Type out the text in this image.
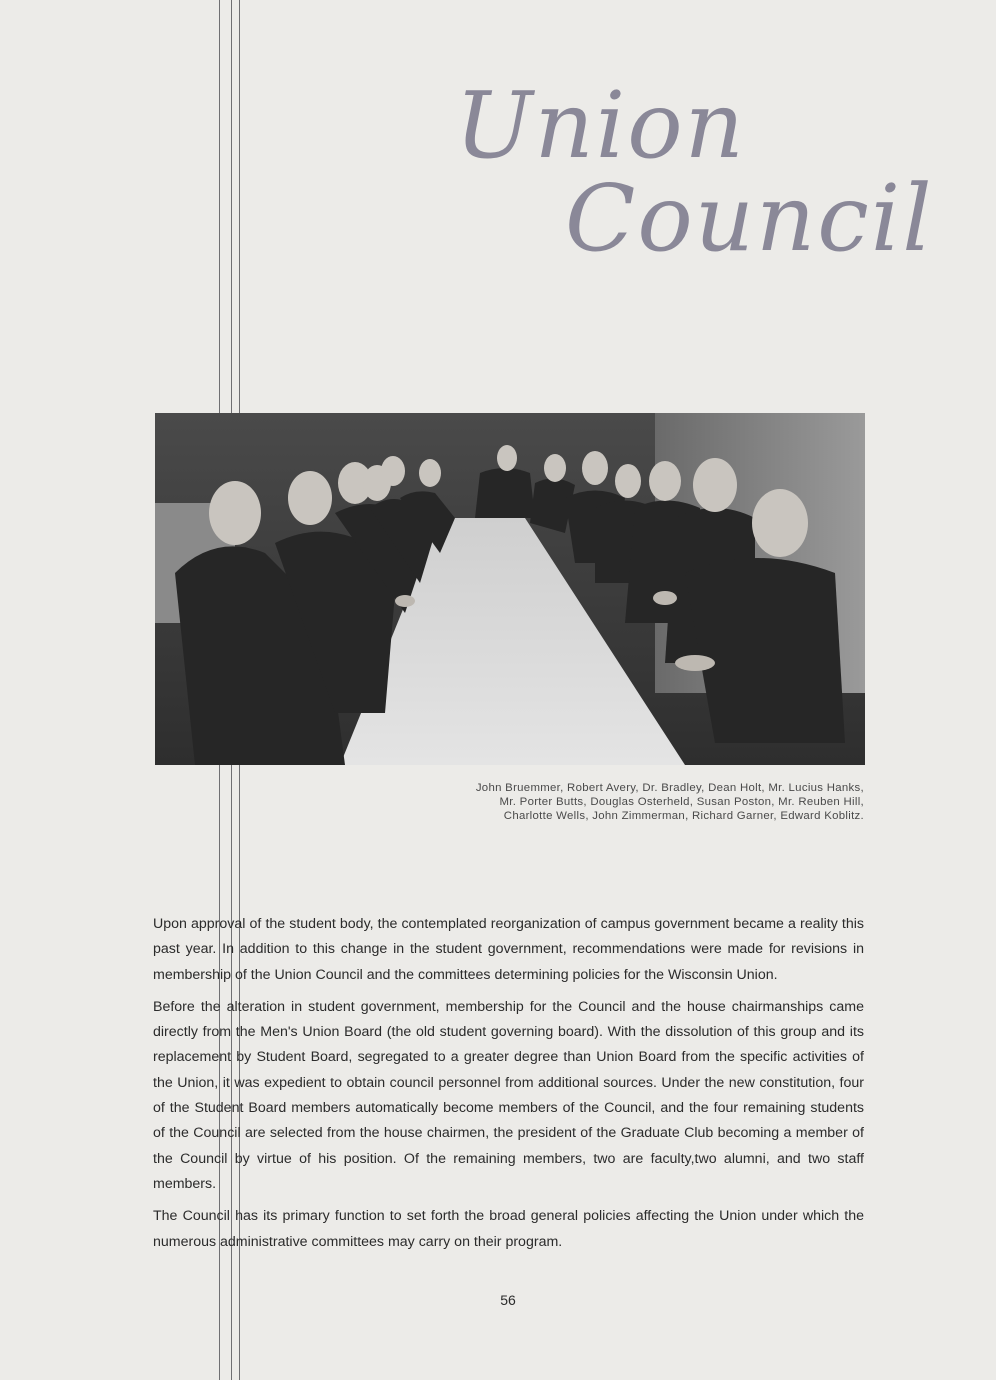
Union
Council
John Bruemmer, Robert Avery, Dr. Bradley, Dean Holt, Mr. Lucius Hanks,
Mr. Porter Butts, Douglas Osterheld, Susan Poston, Mr. Reuben Hill,
Charlotte Wells, John Zimmerman, Richard Garner, Edward Koblitz.

Upon approval of the student body, the contemplated reorganization of campus government became a reality this past year. In addition to this change in the student government, recommendations were made for revisions in membership of the Union Council and the committees determining policies for the Wisconsin Union.

Before the alteration in student government, membership for the Council and the house chairmanships came directly from the Men's Union Board (the old student governing board). With the dissolution of this group and its replacement by Student Board, segregated to a greater degree than Union Board from the specific activities of the Union, it was expedient to obtain council personnel from additional sources. Under the new constitution, four of the Student Board members automatically become members of the Council, and the four remaining students of the Council are selected from the house chairmen, the president of the Graduate Club becoming a member of the Council by virtue of his position. Of the remaining members, two are faculty,two alumni, and two staff members.

The Council has its primary function to set forth the broad general policies affecting the Union under which the numerous administrative committees may carry on their program.

56
